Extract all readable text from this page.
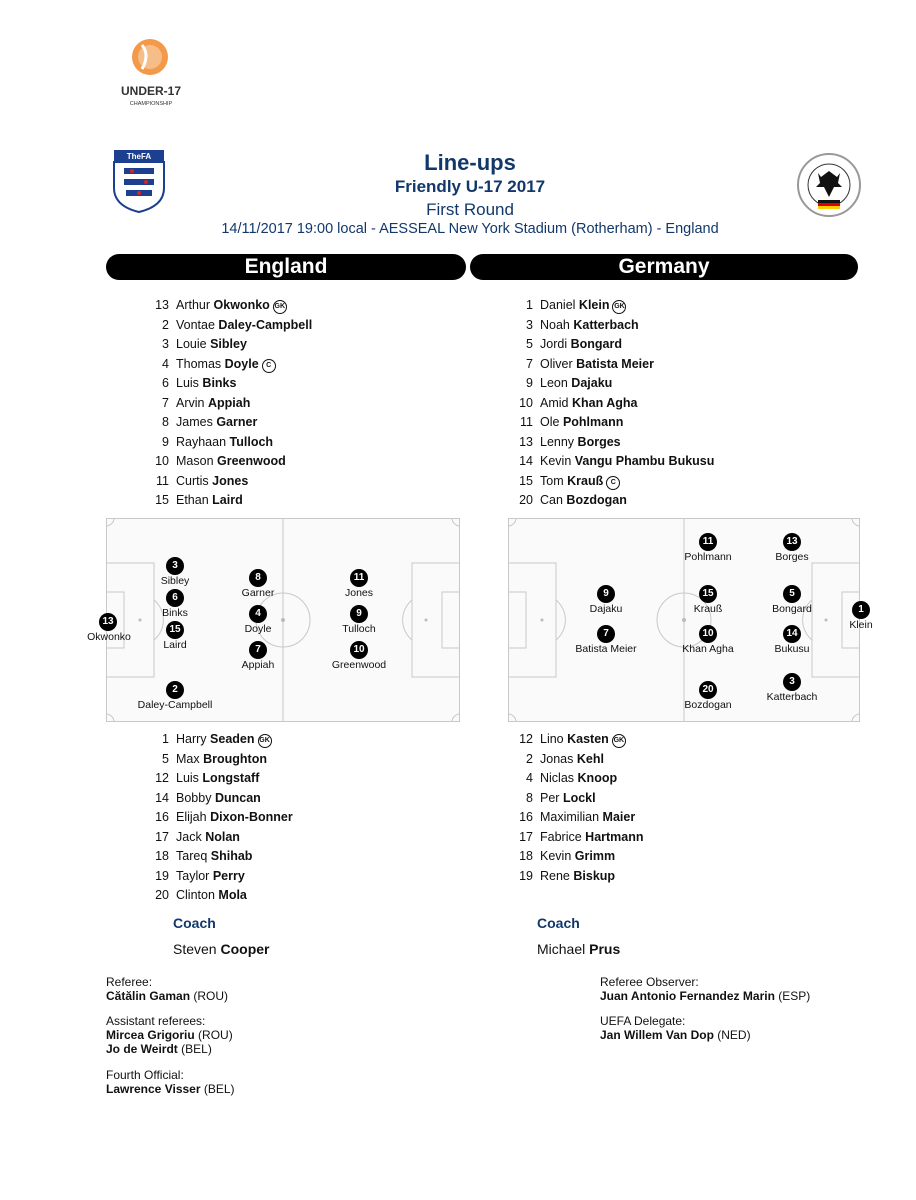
UNDER-17
CHAMPIONSHIP
TheFA	Line-ups
Friendly U-17 2017
First Round
14/11/2017 19:00 local - AESSEAL New York Stadium (Rotherham) - England
England	Germany
13 Arthur Okwonko GK
2 Vontae Daley-Campbell
3 Louie Sibley
4 Thomas Doyle C
6 Luis Binks
7 Arvin Appiah
8 James Garner
9 Rayhaan Tulloch
10 Mason Greenwood
11 Curtis Jones
15 Ethan Laird
1 Daniel Klein GK
3 Noah Katterbach
5 Jordi Bongard
7 Oliver Batista Meier
9 Leon Dajaku
10 Amid Khan Agha
11 Ole Pohlmann
13 Lenny Borges
14 Kevin Vangu Phambu Bukusu
15 Tom Krauß C
20 Can Bozdogan
13
Okwonko
3
Sibley
6
Binks
15
Laird
2
Daley-Campbell
8
Garner
4
Doyle
7
Appiah
11
Jones
9
Tulloch
10
Greenwood
1
Klein
13
Borges
5
Bongard
14
Bukusu
3
Katterbach
11
Pohlmann
15
Krauß
10
Khan Agha
20
Bozdogan
9
Dajaku
7
Batista Meier
1 Harry Seaden GK
5 Max Broughton
12 Luis Longstaff
14 Bobby Duncan
16 Elijah Dixon-Bonner
17 Jack Nolan
18 Tareq Shihab
19 Taylor Perry
20 Clinton Mola
12 Lino Kasten GK
2 Jonas Kehl
4 Niclas Knoop
8 Per Lockl
16 Maximilian Maier
17 Fabrice Hartmann
18 Kevin Grimm
19 Rene Biskup
Coach
Steven Cooper
Coach
Michael Prus
Referee:
Cătălin Gaman (ROU)
Assistant referees:
Mircea Grigoriu (ROU)
Jo de Weirdt (BEL)
Fourth Official:
Lawrence Visser (BEL)
Referee Observer:
Juan Antonio Fernandez Marin (ESP)
UEFA Delegate:
Jan Willem Van Dop (NED)
